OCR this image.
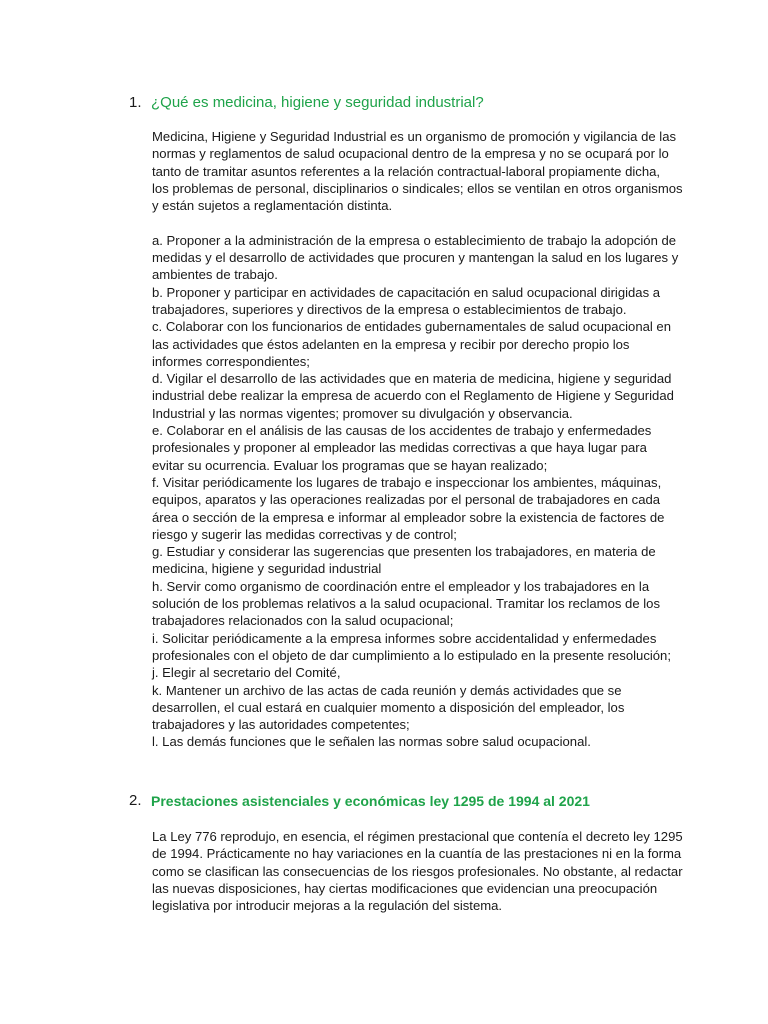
1. ¿Qué es medicina, higiene y seguridad industrial?

Medicina, Higiene y Seguridad Industrial es un organismo de promoción y vigilancia de las

normas y reglamentos de salud ocupacional dentro de la empresa y no se ocupará por lo

tanto de tramitar asuntos referentes a la relación contractual-laboral propiamente dicha,

los problemas de personal, disciplinarios o sindicales; ellos se ventilan en otros organismos

y están sujetos a reglamentación distinta.

a. Proponer a la administración de la empresa o establecimiento de trabajo la adopción de

medidas y el desarrollo de actividades que procuren y mantengan la salud en los lugares y

ambientes de trabajo.

b. Proponer y participar en actividades de capacitación en salud ocupacional dirigidas a

trabajadores, superiores y directivos de la empresa o establecimientos de trabajo.

c. Colaborar con los funcionarios de entidades gubernamentales de salud ocupacional en

las actividades que éstos adelanten en la empresa y recibir por derecho propio los

informes correspondientes;

d. Vigilar el desarrollo de las actividades que en materia de medicina, higiene y seguridad

industrial debe realizar la empresa de acuerdo con el Reglamento de Higiene y Seguridad

Industrial y las normas vigentes; promover su divulgación y observancia.

e. Colaborar en el análisis de las causas de los accidentes de trabajo y enfermedades

profesionales y proponer al empleador las medidas correctivas a que haya lugar para

evitar su ocurrencia. Evaluar los programas que se hayan realizado;

f. Visitar periódicamente los lugares de trabajo e inspeccionar los ambientes, máquinas,

equipos, aparatos y las operaciones realizadas por el personal de trabajadores en cada

área o sección de la empresa e informar al empleador sobre la existencia de factores de

riesgo y sugerir las medidas correctivas y de control;

g. Estudiar y considerar las sugerencias que presenten los trabajadores, en materia de

medicina, higiene y seguridad industrial

h. Servir como organismo de coordinación entre el empleador y los trabajadores en la

solución de los problemas relativos a la salud ocupacional. Tramitar los reclamos de los

trabajadores relacionados con la salud ocupacional;

i. Solicitar periódicamente a la empresa informes sobre accidentalidad y enfermedades

profesionales con el objeto de dar cumplimiento a lo estipulado en la presente resolución;

j. Elegir al secretario del Comité,

k. Mantener un archivo de las actas de cada reunión y demás actividades que se

desarrollen, el cual estará en cualquier momento a disposición del empleador, los

trabajadores y las autoridades competentes;

l. Las demás funciones que le señalen las normas sobre salud ocupacional.

2. Prestaciones asistenciales y económicas ley 1295 de 1994 al 2021

La Ley 776 reprodujo, en esencia, el régimen prestacional que contenía el decreto ley 1295

de 1994. Prácticamente no hay variaciones en la cuantía de las prestaciones ni en la forma

como se clasifican las consecuencias de los riesgos profesionales. No obstante, al redactar

las nuevas disposiciones, hay ciertas modificaciones que evidencian una preocupación

legislativa por introducir mejoras a la regulación del sistema.
